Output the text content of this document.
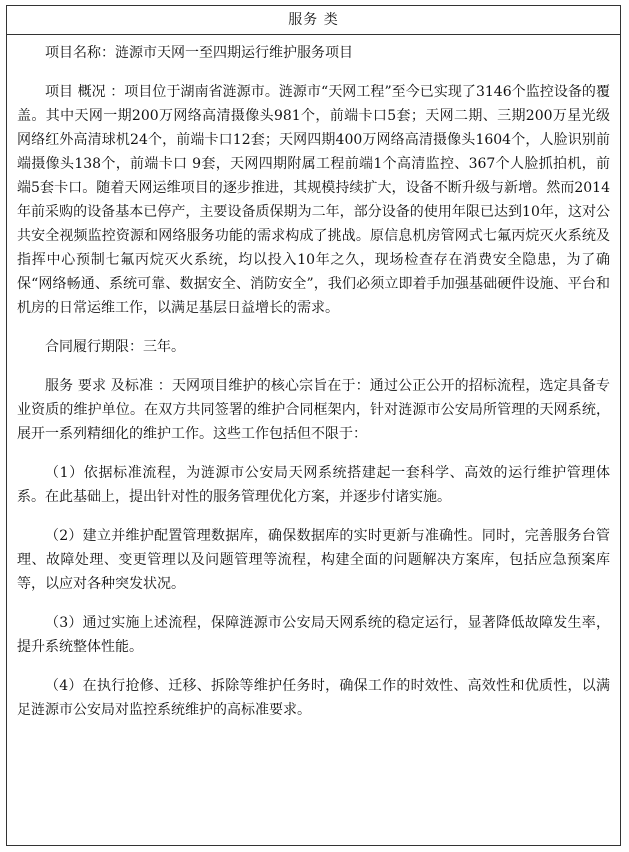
服务 类

项目名称：涟源市天网一至四期运行维护服务项目

项目 概况 ：项目位于湖南省涟源市。涟源市“天网工程”至今已实现了3146个监控设备的覆盖。其中天网一期200万网络高清摄像头981个，前端卡口5套；天网二期、三期200万星光级网络红外高清球机24个，前端卡口12套；天网四期400万网络高清摄像头1604个，人脸识别前端摄像头138个，前端卡口 9套，天网四期附属工程前端1个高清监控、367个人脸抓拍机，前端5套卡口。随着天网运维项目的逐步推进，其规模持续扩大，设备不断升级与新增。然而2014年前采购的设备基本已停产，主要设备质保期为二年，部分设备的使用年限已达到10年，这对公共安全视频监控资源和网络服务功能的需求构成了挑战。原信息机房管网式七氟丙烷灭火系统及指挥中心预制七氟丙烷灭火系统，均以投入10年之久，现场检查存在消费安全隐患，为了确保“网络畅通、系统可靠、数据安全、消防安全”，我们必须立即着手加强基础硬件设施、平台和机房的日常运维工作，以满足基层日益增长的需求。

合同履行期限：三年。

服务 要求 及标准 ：天网项目维护的核心宗旨在于：通过公正公开的招标流程，选定具备专业资质的维护单位。在双方共同签署的维护合同框架内，针对涟源市公安局所管理的天网系统，展开一系列精细化的维护工作。这些工作包括但不限于：

（1）依据标准流程，为涟源市公安局天网系统搭建起一套科学、高效的运行维护管理体系。在此基础上，提出针对性的服务管理优化方案，并逐步付诸实施。

（2）建立并维护配置管理数据库，确保数据库的实时更新与准确性。同时，完善服务台管理、故障处理、变更管理以及问题管理等流程，构建全面的问题解决方案库，包括应急预案库等，以应对各种突发状况。

（3）通过实施上述流程，保障涟源市公安局天网系统的稳定运行，显著降低故障发生率，提升系统整体性能。

（4）在执行抢修、迁移、拆除等维护任务时，确保工作的时效性、高效性和优质性，以满足涟源市公安局对监控系统维护的高标准要求。
